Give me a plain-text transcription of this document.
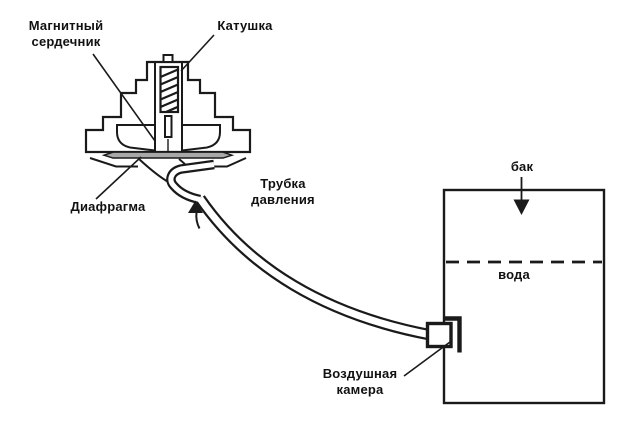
Магнитный сердечник
Катушка
Диафрагма
Трубка давления
бак
вода
Воздушная камера
